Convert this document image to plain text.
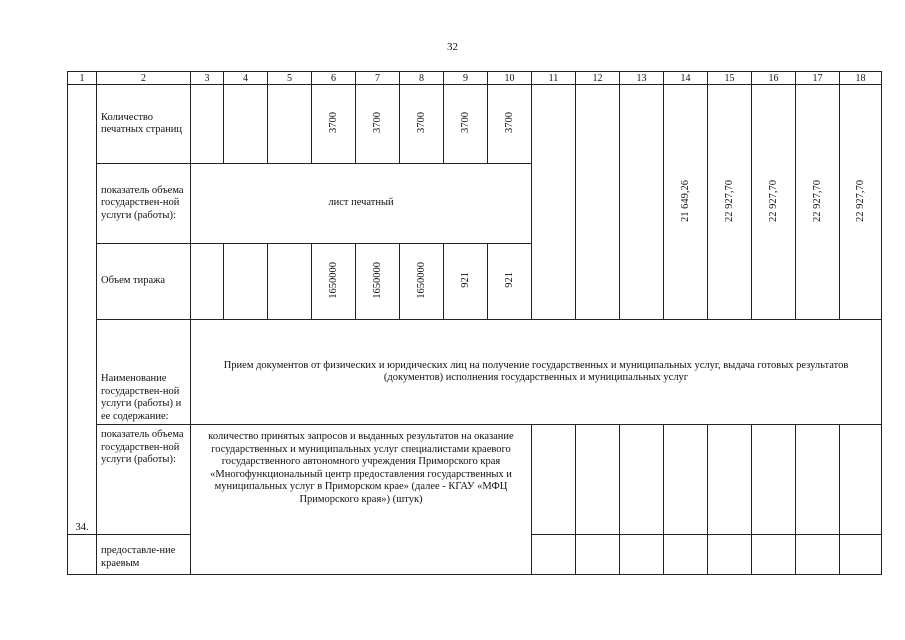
32
1	2	3	4	5	6	7	8	9	10	11	12	13	14	15	16	17	18
34.	Количество печатных страниц				3700	3700	3700	3700	3700				21 649,26	22 927,70	22 927,70	22 927,70	22 927,70
	показатель объема государствен-ной услуги (работы):	лист печатный															
	Объем тиража				1650000	1650000	1650000	921	921								
	Наименование государствен-ной услуги (работы) и ее содержание:	Прием документов от физических и юридических лиц на получение государственных и муниципальных услуг, выдача готовых результатов (документов) исполнения государственных и муниципальных услуг															
	показатель объема государствен-ной услуги (работы):	количество принятых запросов и выданных результатов на оказание государственных и муниципальных услуг специалистами краевого государственного автономного учреждения Приморского края «Многофункциональный центр предоставления государственных и муниципальных услуг в Приморском крае» (далее - КГАУ «МФЦ Приморского края») (штук)															
	предоставле-ние краевым																
